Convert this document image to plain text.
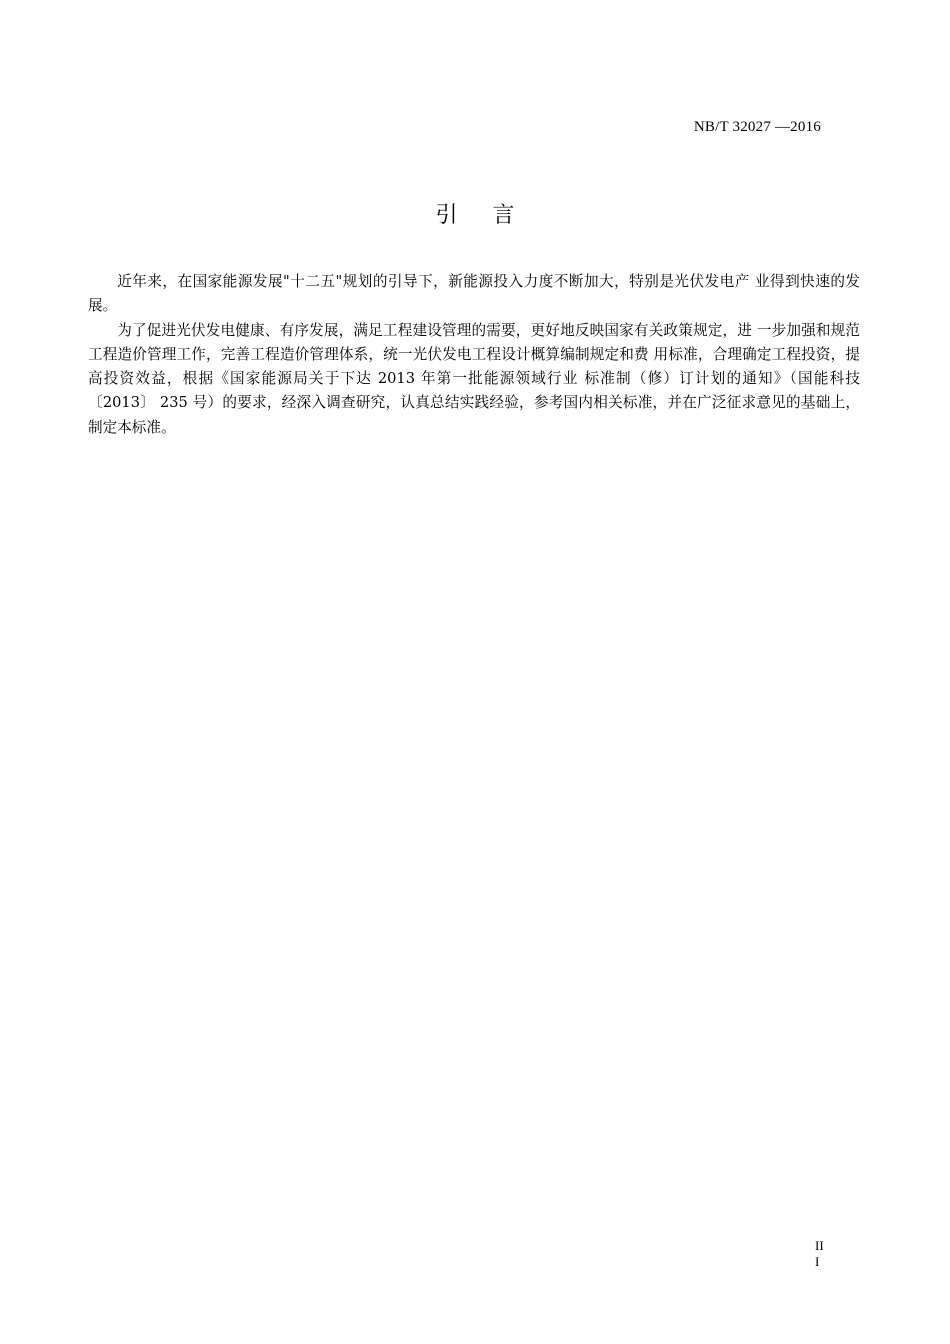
NB/T 32027 —2016
引 言

近年来，在国家能源发展"十二五"规划的引导下，新能源投入力度不断加大，特别是光伏发电产 业得到快速的发展。

为了促进光伏发电健康、有序发展，满足工程建设管理的需要，更好地反映国家有关政策规定，进 一步加强和规范工程造价管理工作，完善工程造价管理体系，统一光伏发电工程设计概算编制规定和费 用标准，合理确定工程投资，提高投资效益，根据《国家能源局关于下达 2013 年第一批能源领域行业 标准制（修）订计划的通知》（国能科技〔2013〕 235 号）的要求，经深入调查研究，认真总结实践经验，参考国内相关标准，并在广泛征求意见的基础上，制定本标准。

II
I
